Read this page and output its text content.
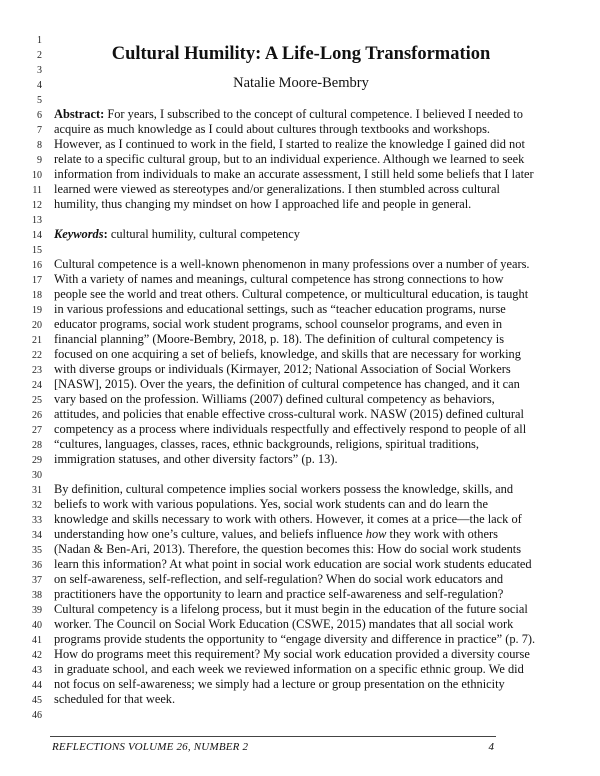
1
2	Cultural Humility: A Life-Long Transformation
3
4	Natalie Moore-Bembry
5
6 Abstract: For years, I subscribed to the concept of cultural competence. I believed I needed to
7 acquire as much knowledge as I could about cultures through textbooks and workshops.
8 However, as I continued to work in the field, I started to realize the knowledge I gained did not
9 relate to a specific cultural group, but to an individual experience. Although we learned to seek
10 information from individuals to make an accurate assessment, I still held some beliefs that I later
11 learned were viewed as stereotypes and/or generalizations. I then stumbled across cultural
12 humility, thus changing my mindset on how I approached life and people in general.
13
14 Keywords: cultural humility, cultural competency
15
16 Cultural competence is a well-known phenomenon in many professions over a number of years.
17 With a variety of names and meanings, cultural competence has strong connections to how
18 people see the world and treat others. Cultural competence, or multicultural education, is taught
19 in various professions and educational settings, such as “teacher education programs, nurse
20 educator programs, social work student programs, school counselor programs, and even in
21 financial planning” (Moore-Bembry, 2018, p. 18). The definition of cultural competency is
22 focused on one acquiring a set of beliefs, knowledge, and skills that are necessary for working
23 with diverse groups or individuals (Kirmayer, 2012; National Association of Social Workers
24 [NASW], 2015). Over the years, the definition of cultural competence has changed, and it can
25 vary based on the profession. Williams (2007) defined cultural competency as behaviors,
26 attitudes, and policies that enable effective cross-cultural work. NASW (2015) defined cultural
27 competency as a process where individuals respectfully and effectively respond to people of all
28 “cultures, languages, classes, races, ethnic backgrounds, religions, spiritual traditions,
29 immigration statuses, and other diversity factors” (p. 13).
30
31 By definition, cultural competence implies social workers possess the knowledge, skills, and
32 beliefs to work with various populations. Yes, social work students can and do learn the
33 knowledge and skills necessary to work with others. However, it comes at a price—the lack of
34 understanding how one’s culture, values, and beliefs influence how they work with others
35 (Nadan & Ben-Ari, 2013). Therefore, the question becomes this: How do social work students
36 learn this information? At what point in social work education are social work students educated
37 on self-awareness, self-reflection, and self-regulation? When do social work educators and
38 practitioners have the opportunity to learn and practice self-awareness and self-regulation?
39 Cultural competency is a lifelong process, but it must begin in the education of the future social
40 worker. The Council on Social Work Education (CSWE, 2015) mandates that all social work
41 programs provide students the opportunity to “engage diversity and difference in practice” (p. 7).
42 How do programs meet this requirement? My social work education provided a diversity course
43 in graduate school, and each week we reviewed information on a specific ethnic group. We did
44 not focus on self-awareness; we simply had a lecture or group presentation on the ethnicity
45 scheduled for that week.
46
REFLECTIONS VOLUME 26, NUMBER 2	4
